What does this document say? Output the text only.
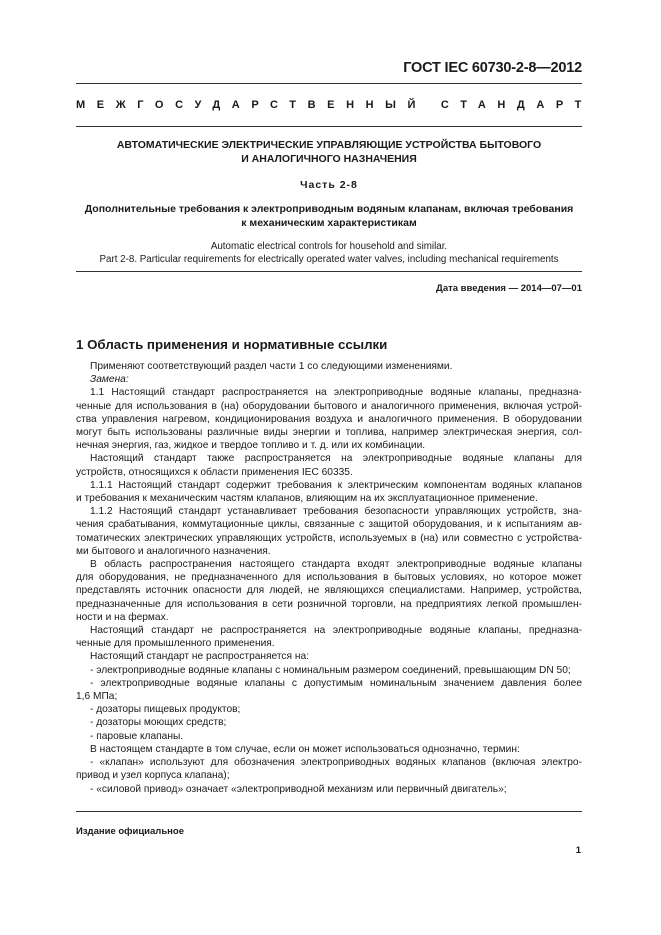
ГОСТ IEC 60730-2-8—2012
МЕЖГОСУДАРСТВЕННЫЙ СТАНДАРТ
АВТОМАТИЧЕСКИЕ ЭЛЕКТРИЧЕСКИЕ УПРАВЛЯЮЩИЕ УСТРОЙСТВА БЫТОВОГО
И АНАЛОГИЧНОГО НАЗНАЧЕНИЯ
Часть 2-8
Дополнительные требования к электроприводным водяным клапанам, включая требования
к механическим характеристикам
Automatic electrical controls for household and similar.
Part 2-8. Particular requirements for electrically operated water valves, including mechanical requirements
Дата введения — 2014—07—01
1 Область применения и нормативные ссылки

Применяют соответствующий раздел части 1 со следующими изменениями.

Замена:

1.1 Настоящий стандарт распространяется на электроприводные водяные клапаны, предназна-

ченные для использования в (на) оборудовании бытового и аналогичного применения, включая устрой-

ства управления нагревом, кондиционирования воздуха и аналогичного применения. В оборудовании

могут быть использованы различные виды энергии и топлива, например электрическая энергия, сол-

нечная энергия, газ, жидкое и твердое топливо и т. д. или их комбинации.

Настоящий стандарт также распространяется на электроприводные водяные клапаны для

устройств, относящихся к области применения IEC 60335.

1.1.1 Настоящий стандарт содержит требования к электрическим компонентам водяных клапанов

и требования к механическим частям клапанов, влияющим на их эксплуатационное применение.

1.1.2 Настоящий стандарт устанавливает требования безопасности управляющих устройств, зна-

чения срабатывания, коммутационные циклы, связанные с защитой оборудования, и к испытаниям ав-

томатических электрических управляющих устройств, используемых в (на) или совместно с устройства-

ми бытового и аналогичного назначения.

В область распространения настоящего стандарта входят электроприводные водяные клапаны

для оборудования, не предназначенного для использования в бытовых условиях, но которое может

представлять источник опасности для людей, не являющихся специалистами. Например, устройства,

предназначенные для использования в сети розничной торговли, на предприятиях легкой промышлен-

ности и на фермах.

Настоящий стандарт не распространяется на электроприводные водяные клапаны, предназна-

ченные для промышленного применения.

Настоящий стандарт не распространяется на:

- электроприводные водяные клапаны с номинальным размером соединений, превышающим DN 50;

- электроприводные водяные клапаны с допустимым номинальным значением давления более

1,6 МПа;

- дозаторы пищевых продуктов;

- дозаторы моющих средств;

- паровые клапаны.

В настоящем стандарте в том случае, если он может использоваться однозначно, термин:

- «клапан» используют для обозначения электроприводных водяных клапанов (включая электро-

привод и узел корпуса клапана);

- «силовой привод» означает «электроприводной механизм или первичный двигатель»;

Издание официальное
1
